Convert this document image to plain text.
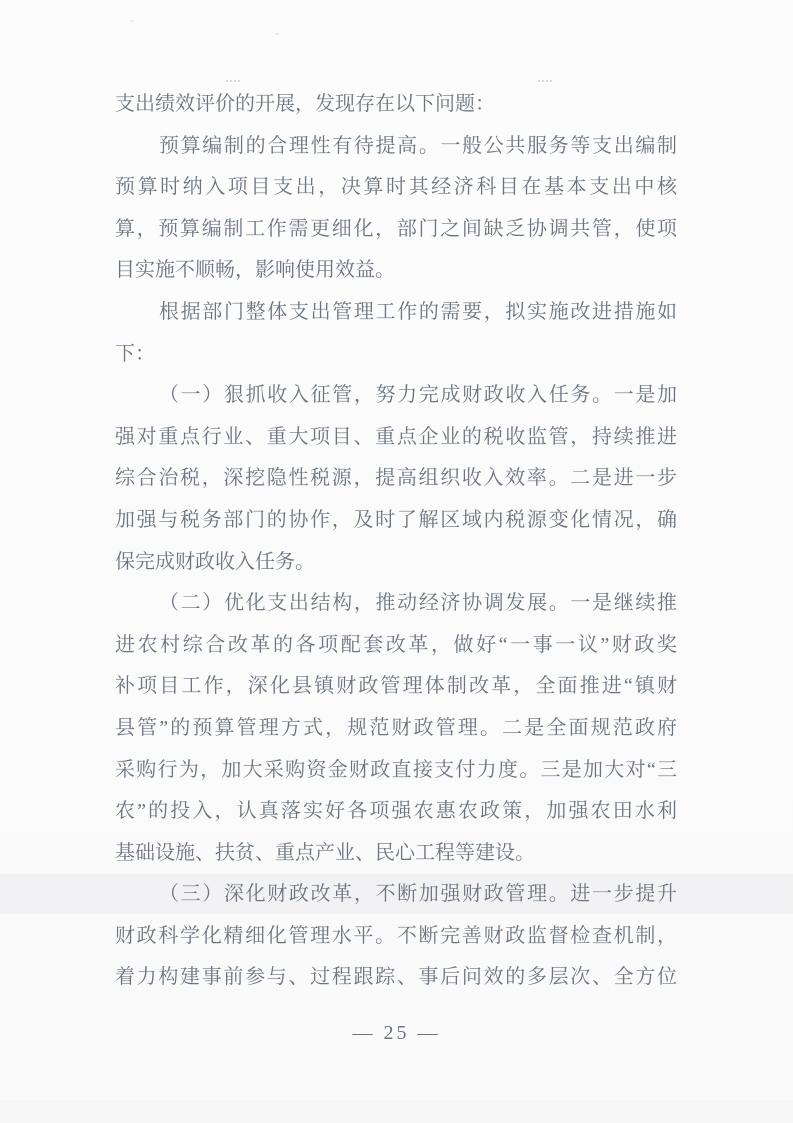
支出绩效评价的开展，发现存在以下问题：
预算编制的合理性有待提高。一般公共服务等支出编制
预算时纳入项目支出，决算时其经济科目在基本支出中核
算，预算编制工作需更细化，部门之间缺乏协调共管，使项
目实施不顺畅，影响使用效益。
根据部门整体支出管理工作的需要，拟实施改进措施如
下：
（一）狠抓收入征管，努力完成财政收入任务。一是加
强对重点行业、重大项目、重点企业的税收监管，持续推进
综合治税，深挖隐性税源，提高组织收入效率。二是进一步
加强与税务部门的协作，及时了解区域内税源变化情况，确
保完成财政收入任务。
（二）优化支出结构，推动经济协调发展。一是继续推
进农村综合改革的各项配套改革，做好“一事一议”财政奖
补项目工作，深化县镇财政管理体制改革，全面推进“镇财
县管”的预算管理方式，规范财政管理。二是全面规范政府
采购行为，加大采购资金财政直接支付力度。三是加大对“三
农”的投入，认真落实好各项强农惠农政策，加强农田水利
基础设施、扶贫、重点产业、民心工程等建设。
（三）深化财政改革，不断加强财政管理。进一步提升
财政科学化精细化管理水平。不断完善财政监督检查机制，
着力构建事前参与、过程跟踪、事后问效的多层次、全方位
— 25 —
